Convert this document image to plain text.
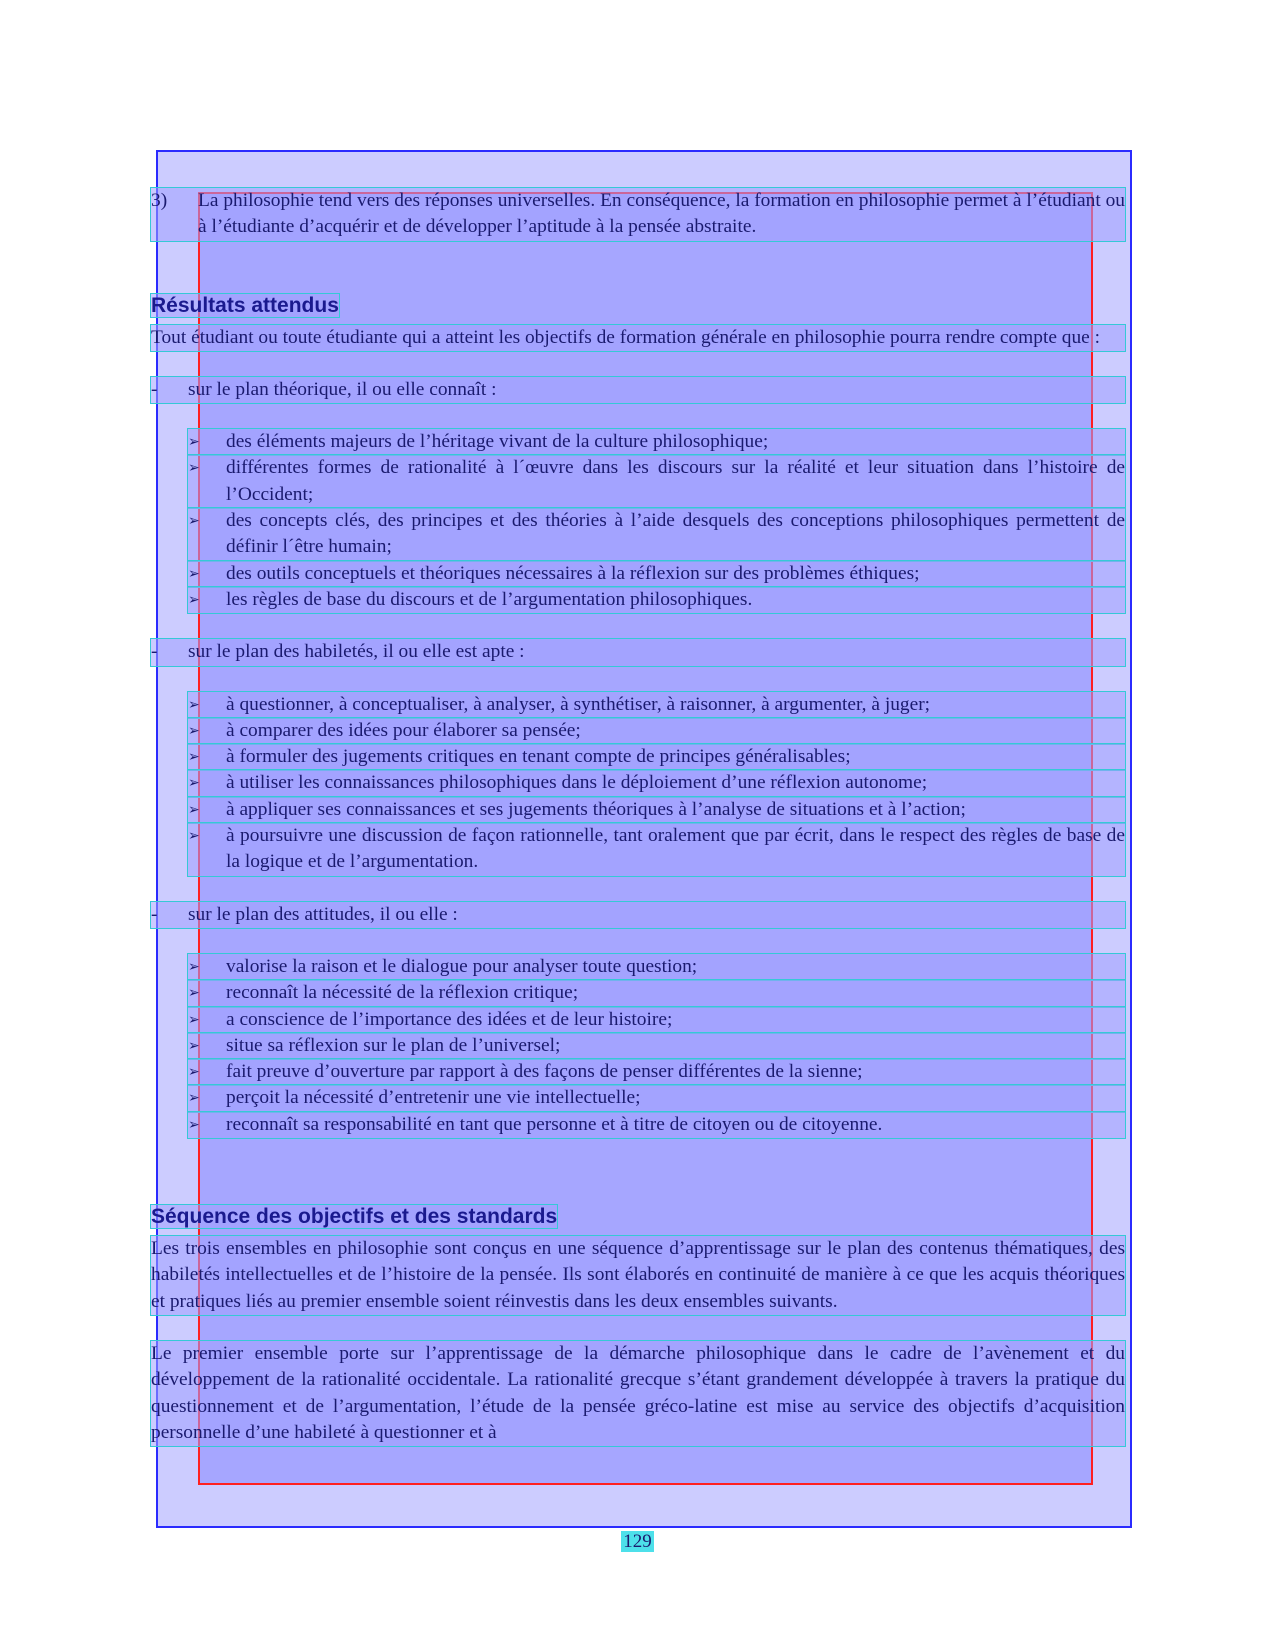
3) La philosophie tend vers des réponses universelles. En conséquence, la formation en philosophie permet à l’étudiant ou à l’étudiante d’acquérir et de développer l’aptitude à la pensée abstraite.

Résultats attendus

Tout étudiant ou toute étudiante qui a atteint les objectifs de formation générale en philosophie pourra rendre compte que :

- sur le plan théorique, il ou elle connaît :
➢ des éléments majeurs de l’héritage vivant de la culture philosophique;
➢ différentes formes de rationalité à l´œuvre dans les discours sur la réalité et leur situation dans l’histoire de l’Occident;
➢ des concepts clés, des principes et des théories à l’aide desquels des conceptions philosophiques permettent de définir l´être humain;
➢ des outils conceptuels et théoriques nécessaires à la réflexion sur des problèmes éthiques;
➢ les règles de base du discours et de l’argumentation philosophiques.
- sur le plan des habiletés, il ou elle est apte :
➢ à questionner, à conceptualiser, à analyser, à synthétiser, à raisonner, à argumenter, à juger;
➢ à comparer des idées pour élaborer sa pensée;
➢ à formuler des jugements critiques en tenant compte de principes généralisables;
➢ à utiliser les connaissances philosophiques dans le déploiement d’une réflexion autonome;
➢ à appliquer ses connaissances et ses jugements théoriques à l’analyse de situations et à l’action;
➢ à poursuivre une discussion de façon rationnelle, tant oralement que par écrit, dans le respect des règles de base de la logique et de l’argumentation.
- sur le plan des attitudes, il ou elle :
➢ valorise la raison et le dialogue pour analyser toute question;
➢ reconnaît la nécessité de la réflexion critique;
➢ a conscience de l’importance des idées et de leur histoire;
➢ situe sa réflexion sur le plan de l’universel;
➢ fait preuve d’ouverture par rapport à des façons de penser différentes de la sienne;
➢ perçoit la nécessité d’entretenir une vie intellectuelle;
➢ reconnaît sa responsabilité en tant que personne et à titre de citoyen ou de citoyenne.
Séquence des objectifs et des standards

Les trois ensembles en philosophie sont conçus en une séquence d’apprentissage sur le plan des contenus thématiques, des habiletés intellectuelles et de l’histoire de la pensée. Ils sont élaborés en continuité de manière à ce que les acquis théoriques et pratiques liés au premier ensemble soient réinvestis dans les deux ensembles suivants.

Le premier ensemble porte sur l’apprentissage de la démarche philosophique dans le cadre de l’avènement et du développement de la rationalité occidentale. La rationalité grecque s’étant grandement développée à travers la pratique du questionnement et de l’argumentation, l’étude de la pensée gréco-latine est mise au service des objectifs d’acquisition personnelle d’une habileté à questionner et à

129
